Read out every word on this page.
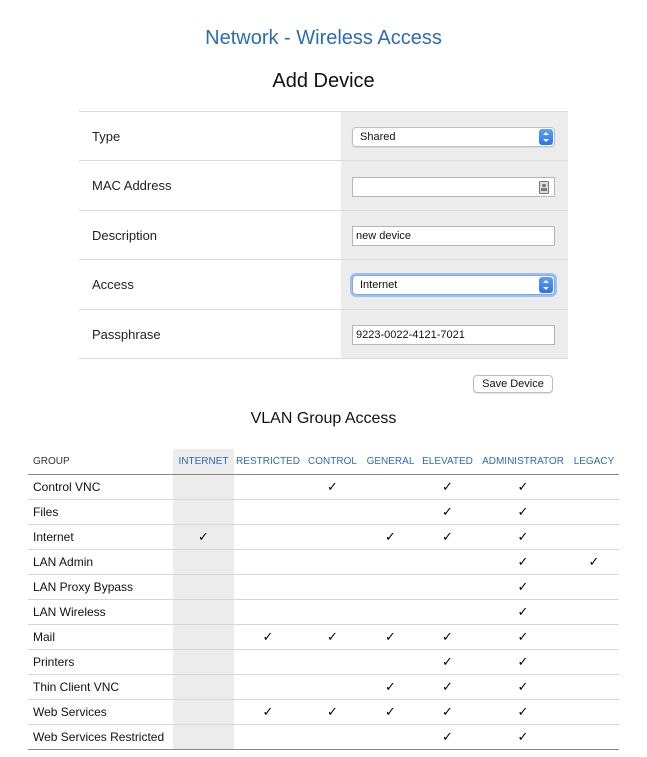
Network - Wireless Access
Add Device
Type	Shared
MAC Address
Description	new device
Access	Internet
Passphrase	9223-0022-4121-7021
Save Device
VLAN Group Access
GROUP	INTERNET	RESTRICTED	CONTROL	GENERAL	ELEVATED	ADMINISTRATOR	LEGACY
Control VNC			✓		✓	✓	
Files					✓	✓	
Internet	✓			✓	✓	✓	
LAN Admin						✓	✓
LAN Proxy Bypass						✓	
LAN Wireless						✓	
Mail		✓	✓	✓	✓	✓	
Printers					✓	✓	
Thin Client VNC				✓	✓	✓	
Web Services		✓	✓	✓	✓	✓	
Web Services Restricted					✓	✓	
